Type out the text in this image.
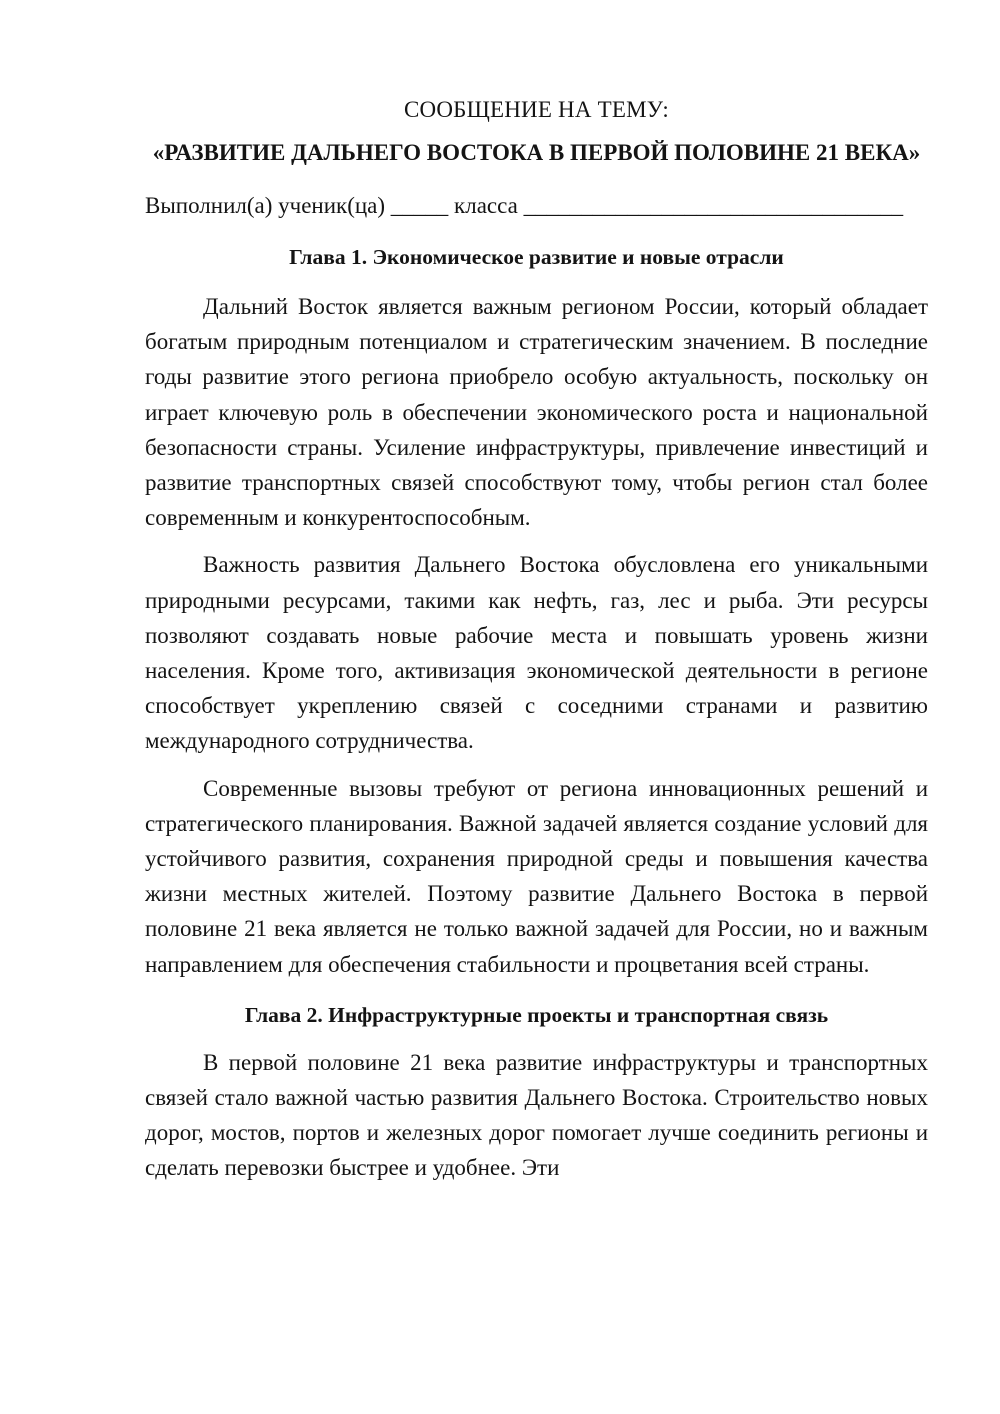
СООБЩЕНИЕ НА ТЕМУ:

«РАЗВИТИЕ ДАЛЬНЕГО ВОСТОКА В ПЕРВОЙ ПОЛОВИНЕ 21 ВЕКА»

Выполнил(а) ученик(ца) _____ класса _________________________________

Глава 1. Экономическое развитие и новые отрасли

Дальний Восток является важным регионом России, который обладает богатым природным потенциалом и стратегическим значением. В последние годы развитие этого региона приобрело особую актуальность, поскольку он играет ключевую роль в обеспечении экономического роста и национальной безопасности страны. Усиление инфраструктуры, привлечение инвестиций и развитие транспортных связей способствуют тому, чтобы регион стал более современным и конкурентоспособным.

Важность развития Дальнего Востока обусловлена его уникальными природными ресурсами, такими как нефть, газ, лес и рыба. Эти ресурсы позволяют создавать новые рабочие места и повышать уровень жизни населения. Кроме того, активизация экономической деятельности в регионе способствует укреплению связей с соседними странами и развитию международного сотрудничества.

Современные вызовы требуют от региона инновационных решений и стратегического планирования. Важной задачей является создание условий для устойчивого развития, сохранения природной среды и повышения качества жизни местных жителей. Поэтому развитие Дальнего Востока в первой половине 21 века является не только важной задачей для России, но и важным направлением для обеспечения стабильности и процветания всей страны.

Глава 2. Инфраструктурные проекты и транспортная связь

В первой половине 21 века развитие инфраструктуры и транспортных связей стало важной частью развития Дальнего Востока. Строительство новых дорог, мостов, портов и железных дорог помогает лучше соединить регионы и сделать перевозки быстрее и удобнее. Эти
